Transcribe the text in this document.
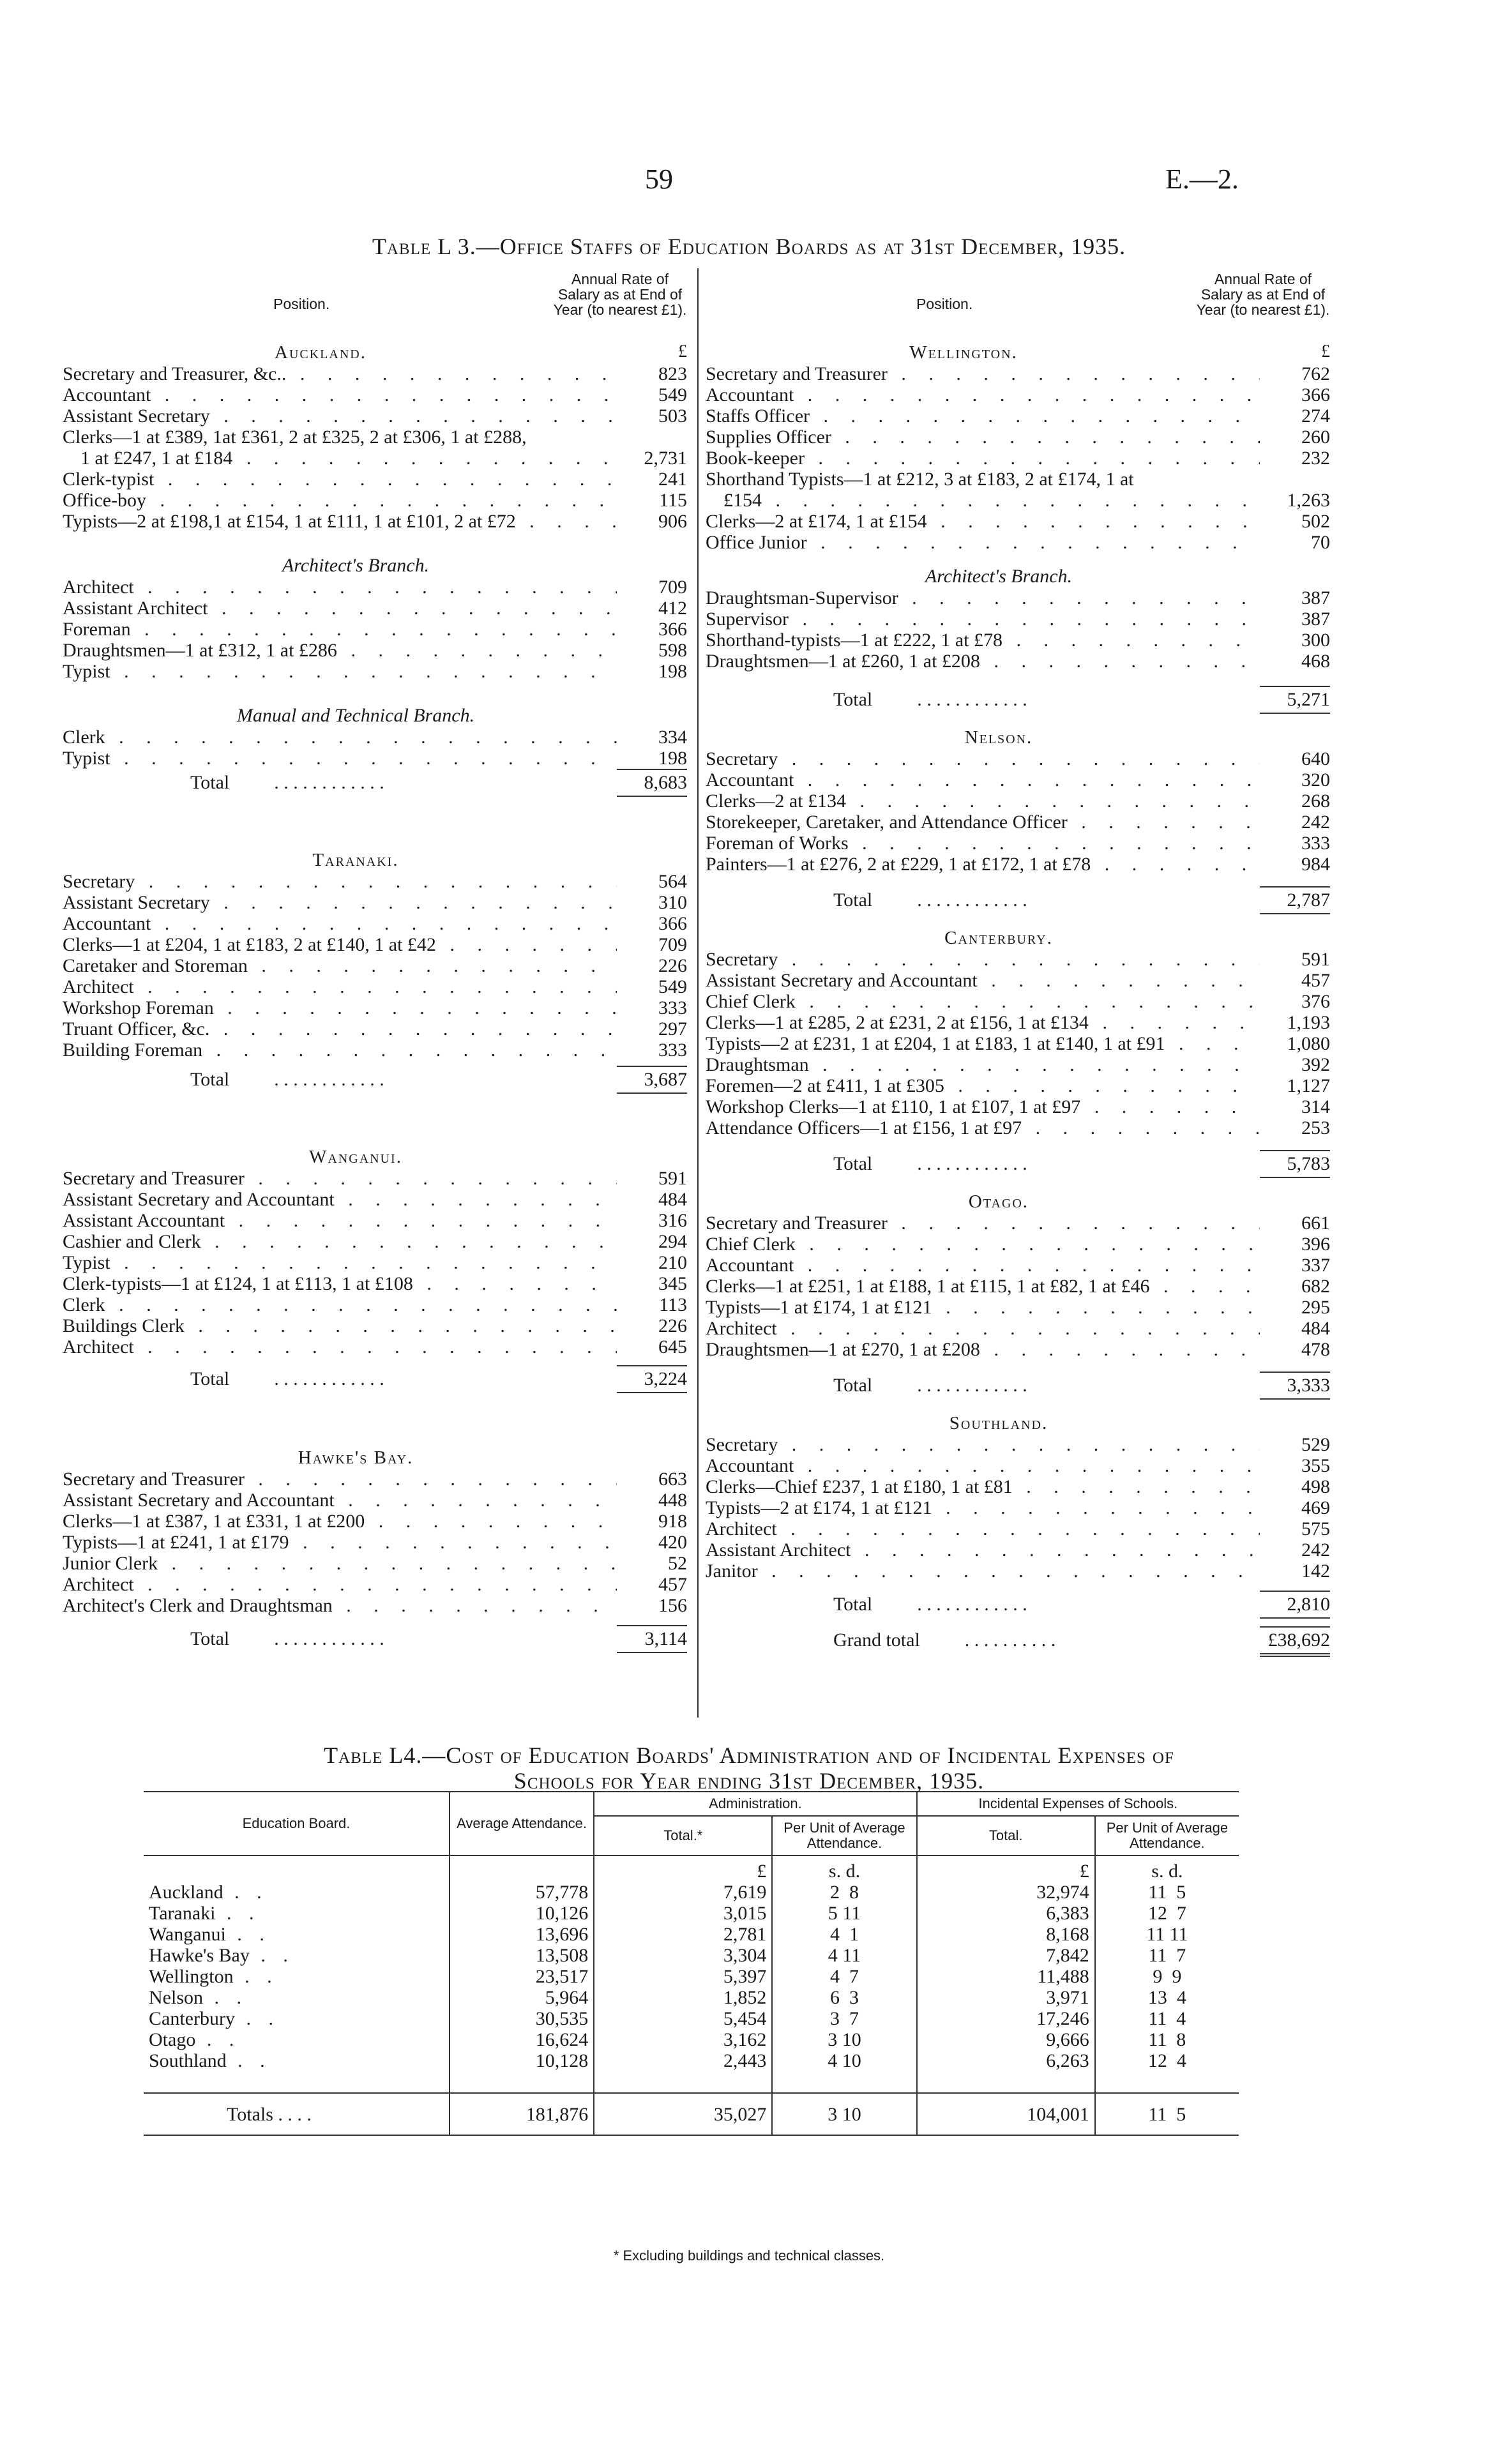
59	E.—2.
Table L 3.—Office Staffs of Education Boards as at 31st December, 1935.
Position.
Annual Rate of Salary as at End of Year (to nearest £1).
Auckland.	£
Secretary and Treasurer, &c.. . . .	823
Accountant . . .	549
Assistant Secretary . . .	503
Clerks—1 at £389, 1at £361, 2 at £325, 2 at £306, 1 at £288,
1 at £247, 1 at £184 . . .	2,731
Clerk-typist . . .	241
Office-boy . . .	115
Typists—2 at £198,1 at £154, 1 at £111, 1 at £101, 2 at £72 . . .	906
Architect's Branch.
Architect . . .	709
Assistant Architect . . .	412
Foreman . . .	366
Draughtsmen—1 at £312, 1 at £286 . . .	598
Typist . . .	198
Manual and Technical Branch.
Clerk . . .	334
Typist . . .	198
Total . . . . . . . . . . . .	8,683
Taranaki.
Secretary . . .	564
Assistant Secretary . . .	310
Accountant . . .	366
Clerks—1 at £204, 1 at £183, 2 at £140, 1 at £42 . . .	709
Caretaker and Storeman . . .	226
Architect . . .	549
Workshop Foreman . . .	333
Truant Officer, &c. . . .	297
Building Foreman . . .	333
Total . . . . . . . . . . . .	3,687
Wanganui.
Secretary and Treasurer . . .	591
Assistant Secretary and Accountant . . .	484
Assistant Accountant . . .	316
Cashier and Clerk . . .	294
Typist . . .	210
Clerk-typists—1 at £124, 1 at £113, 1 at £108 . . .	345
Clerk . . .	113
Buildings Clerk . . .	226
Architect . . .	645
Total . . . . . . . . . . . .	3,224
Hawke's Bay.
Secretary and Treasurer . . .	663
Assistant Secretary and Accountant . . .	448
Clerks—1 at £387, 1 at £331, 1 at £200 . . .	918
Typists—1 at £241, 1 at £179 . . .	420
Junior Clerk . . .	52
Architect . . .	457
Architect's Clerk and Draughtsman . . .	156
Total . . . . . . . . . . . .	3,114
Position.
Annual Rate of Salary as at End of Year (to nearest £1).
Wellington.	£
Secretary and Treasurer . . .	762
Accountant . . .	366
Staffs Officer . . .	274
Supplies Officer . . .	260
Book-keeper . . .	232
Shorthand Typists—1 at £212, 3 at £183, 2 at £174, 1 at
£154 . . .	1,263
Clerks—2 at £174, 1 at £154 . . .	502
Office Junior . . .	70
Architect's Branch.
Draughtsman-Supervisor . . .	387
Supervisor . . .	387
Shorthand-typists—1 at £222, 1 at £78 . . .	300
Draughtsmen—1 at £260, 1 at £208 . . .	468
Total . . . . . . . . . . . .	5,271
Nelson.
Secretary . . .	640
Accountant . . .	320
Clerks—2 at £134 . . .	268
Storekeeper, Caretaker, and Attendance Officer . . .	242
Foreman of Works . . .	333
Painters—1 at £276, 2 at £229, 1 at £172, 1 at £78 . . .	984
Total . . . . . . . . . . . .	2,787
Canterbury.
Secretary . . .	591
Assistant Secretary and Accountant . . .	457
Chief Clerk . . .	376
Clerks—1 at £285, 2 at £231, 2 at £156, 1 at £134 . . .	1,193
Typists—2 at £231, 1 at £204, 1 at £183, 1 at £140, 1 at £91 . . .	1,080
Draughtsman . . .	392
Foremen—2 at £411, 1 at £305 . . .	1,127
Workshop Clerks—1 at £110, 1 at £107, 1 at £97 . . .	314
Attendance Officers—1 at £156, 1 at £97 . . .	253
Total . . . . . . . . . . . .	5,783
Otago.
Secretary and Treasurer . . .	661
Chief Clerk . . .	396
Accountant . . .	337
Clerks—1 at £251, 1 at £188, 1 at £115, 1 at £82, 1 at £46 . . .	682
Typists—1 at £174, 1 at £121 . . .	295
Architect . . .	484
Draughtsmen—1 at £270, 1 at £208 . . .	478
Total . . . . . . . . . . . .	3,333
Southland.
Secretary . . .	529
Accountant . . .	355
Clerks—Chief £237, 1 at £180, 1 at £81 . . .	498
Typists—2 at £174, 1 at £121 . . .	469
Architect . . .	575
Assistant Architect . . .	242
Janitor . . .	142
Total . . . . . . . . . . . .	2,810
Grand total . . . . . . . . . .	£38,692
Table L4.—Cost of Education Boards' Administration and of Incidental Expenses of
Schools for Year ending 31st December, 1935.
Education Board.	Average Attendance.	Administration.		Incidental Expenses of Schools.	
		Total.*	Per Unit of Average Attendance.	Total.	Per Unit of Average Attendance.
		£	s. d.	£	s. d.
Auckland . .	57,778	7,619	2  8	32,974	11  5
Taranaki . .	10,126	3,015	5 11	6,383	12  7
Wanganui . .	13,696	2,781	4  1	8,168	11 11
Hawke's Bay . .	13,508	3,304	4 11	7,842	11  7
Wellington . .	23,517	5,397	4  7	11,488	9  9
Nelson . .	5,964	1,852	6  3	3,971	13  4
Canterbury . .	30,535	5,454	3  7	17,246	11  4
Otago . .	16,624	3,162	3 10	9,666	11  8
Southland . .	10,128	2,443	4 10	6,263	12  4

Totals . . . .	181,876	35,027	3 10	104,001	11  5
* Excluding buildings and technical classes.
